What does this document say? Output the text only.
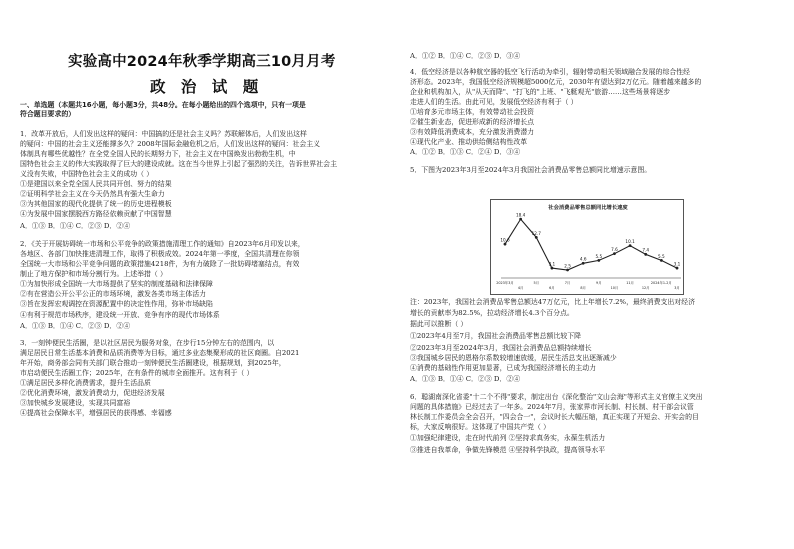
实验高中2024年秋季学期高三10月月考
政 治 试 题
一、单选题（本题共16小题，每小题3分，共48分。在每小题给出的四个选项中，只有一项是
符合题目要求的）
1．改革开放后，人们发出这样的疑问：中国搞的还是社会主义吗？苏联解体后，人们发出这样
的疑问：中国的社会主义还能撑多久？2008年国际金融危机之后，人们发出这样的疑问：社会主义
体制具有哪些优越性？在全党全国人民的长期努力下，社会主义在中国焕发出勃勃生机，中
国特色社会主义的伟大实践取得了巨大的建设成就。这在当今世界上引起了强烈的关注，告诉世界社会主
义没有失败，中国特色社会主义的成功（ ）
①是建国以来全党全国人民共同开创、努力的结果
②证明科学社会主义在今天仍然具有强大生命力
③为其他国家的现代化提供了统一的历史进程模板
④为发展中国家摆脱西方路径依赖贡献了中国智慧
A．①③ B．①④ C．②③ D．②④
2．《关于开展妨碍统一市场和公平竞争的政策措施清理工作的通知》自2023年6月印发以来，
各地区、各部门加快推进清理工作，取得了积极成效。2024年第一季度，全国共清理在你领
全国统一大市场和公平竞争问题的政策措施4218件，为有力破除了一批妨碍堵塞结点，有效
制止了地方保护和市场分割行为。上述举措（ ）
①为加快形成全国统一大市场提供了坚实的制度基础和法律保障
②有在营造公开公平公正的市场环境，激发各类市场主体活力
③旨在发挥宏观调控在资源配置中的决定性作用，弥补市场缺陷
④有利于规范市场秩序，建设统一开放、竞争有序的现代市场体系
A．①③ B．①④ C．②③ D．②④
3．一刻钟便民生活圈，是以社区居民为服务对象，在步行15分钟左右的范围内，以
满足居民日常生活基本消费和品质消费等为目标，通过多业态集聚形成的社区商圈。自2021
年开始，商务部会同有关部门联合推动一刻钟便民生活圈建设，根据规划，到2025年，
市启动便民生活圈工作；2025年，在有条件的城市全面推开。这有利于（ ）
①满足居民多样化消费需求，提升生活品质
②优化消费环境，激发消费动力，促进经济发展
③加快城乡发展建设，实现共同富裕
④提高社会保障水平，增强居民的获得感、幸福感
A．①② B．①④ C．②③ D．③④
4．低空经济是以各种航空器的低空飞行活动为牵引，辐射带动相关领域融合发展的综合性经
济形态。2023年，我国低空经济规模超5000亿元，2030年有望达到2万亿元。随着越来越多的
企业和机构加入，从"从天而降"、"打飞的"上班、"飞艇观光"旅游……这些场景将逐步
走进人们的生活。由此可见，发展低空经济有利于（ ）
①培育多元市场主体，有效带动社会投资
②催生新业态，促进形成新的经济增长点
③有效降低消费成本，充分激发消费潜力
④现代化产业、推动供给侧结构性改革
A．①② B．①③ C．②④ D．③④
5．下图为2023年3月至2024年3月我国社会消费品零售总额同比增速示意图。
注：2023年，我国社会消费品零售总额达47万亿元，比上年增长7.2%，最终消费支出对经济
增长的贡献率为82.5%，拉动经济增长4.3个百分点。
据此可以推断（ ）
①2023年4月至7月，我国社会消费品零售总额比较下降
②2023年3月至2024年3月，我国社会消费品总额持续增长
③我国城乡居民的恩格尔系数较增速放缓，居民生活总支出逐渐减少
④消费的基础性作用更加显著，已成为我国经济增长的主动力
A．①③ B．①④ C．②③ D．②④
6．聪湖南深化省委"十二个不得"要求，制定出台《深化整治"文山会海"等形式主义官僚主义突出
问题的具体措施》已经过去了一年多。2024年7月，张家界市河长制、村长制、村干部会议管
林长制工作委员会全会召开，"四会合一"，会议时长大幅压缩，真正实现了开短会、开实会的目
标，大家反响很好。这体现了中国共产党（ ）
①加强纪律建设，走在时代前列 ②坚持求真务实，永葆生机活力
③推进自我革命，争做先锋模范 ④坚持科学执政，提高领导水平
社会消费品零售总额同比增长速度
10.6
2023年3月
18.4
4月
12.7
5月
3.1
6月
2.5
7月
4.6
8月
5.5
9月
7.6
10月
10.1
11月
7.4
12月
5.5
2024年1-2月
3.1
3月
